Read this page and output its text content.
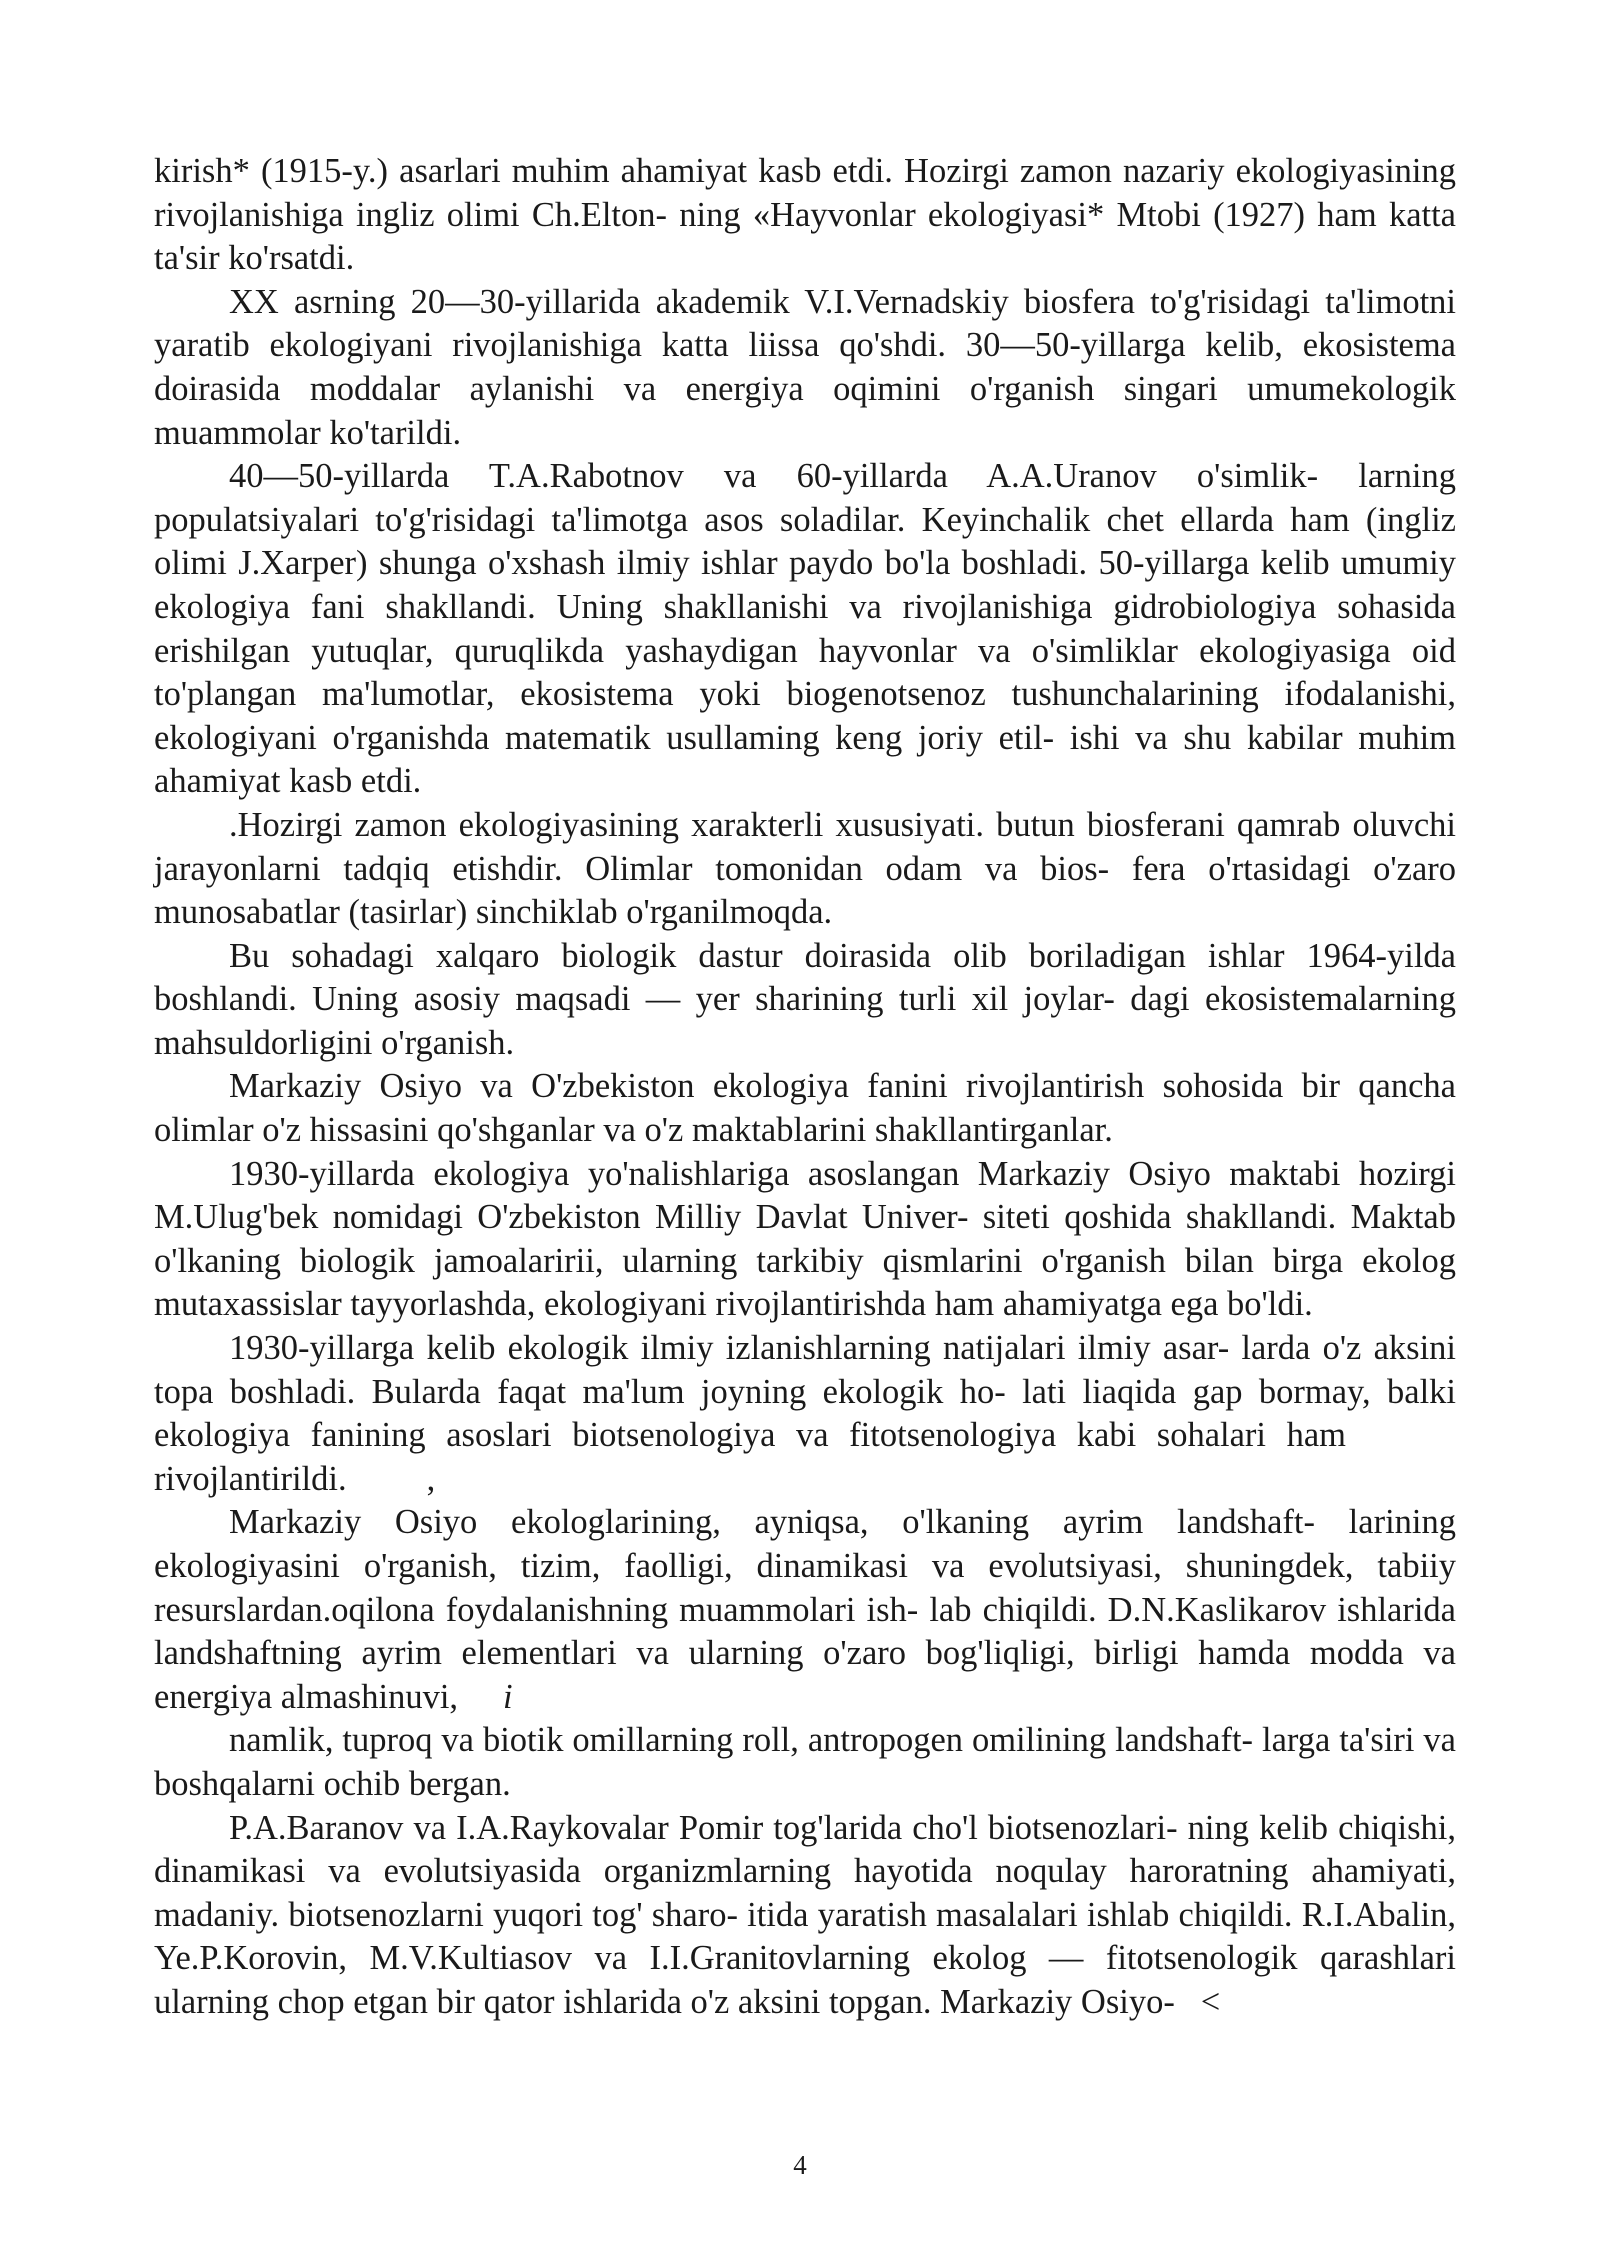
kirish* (1915-y.) asarlari muhim ahamiyat kasb etdi. Hozirgi zamon nazariy ekologiyasining rivojlanishiga ingliz olimi Ch.Elton- ning «Hayvonlar ekologiyasi* Mtobi (1927) ham katta ta'sir ko'rsatdi.

XX asrning 20—30-yillarida akademik V.I.Vernadskiy biosfera to'g'risidagi ta'limotni yaratib ekologiyani rivojlanishiga katta liissa qo'shdi. 30—50-yillarga kelib, ekosistema doirasida moddalar aylanishi va energiya oqimini o'rganish singari umumekologik muammolar ko'tarildi.

40—50-yillarda T.A.Rabotnov va 60-yillarda A.A.Uranov o'simlik- larning populatsiyalari to'g'risidagi ta'limotga asos soladilar. Keyinchalik chet ellarda ham (ingliz olimi J.Xarper) shunga o'xshash ilmiy ishlar paydo bo'la boshladi. 50-yillarga kelib umumiy ekologiya fani shakllandi. Uning shakllanishi va rivojlanishiga gidrobiologiya sohasida erishilgan yutuqlar, quruqlikda yashaydigan hayvonlar va o'simliklar ekologiyasiga oid to'plangan ma'lumotlar, ekosistema yoki biogenotsenoz tushunchalarining ifodalanishi, ekologiyani o'rganishda matematik usullaming keng joriy etil- ishi va shu kabilar muhim ahamiyat kasb etdi.

.Hozirgi zamon ekologiyasining xarakterli xususiyati. butun biosferani qamrab oluvchi jarayonlarni tadqiq etishdir. Olimlar tomonidan odam va bios- fera o'rtasidagi o'zaro munosabatlar (tasirlar) sinchiklab o'rganilmoqda.

Bu sohadagi xalqaro biologik dastur doirasida olib boriladigan ishlar 1964-yilda boshlandi. Uning asosiy maqsadi — yer sharining turli xil joylar- dagi ekosistemalarning mahsuldorligini o'rganish.

Markaziy Osiyo va O'zbekiston ekologiya fanini rivojlantirish sohosida bir qancha olimlar o'z hissasini qo'shganlar va o'z maktablarini shakllantirganlar.

1930-yillarda ekologiya yo'nalishlariga asoslangan Markaziy Osiyo maktabi hozirgi M.Ulug'bek nomidagi O'zbekiston Milliy Davlat Univer- siteti qoshida shakllandi. Maktab o'lkaning biologik jamoalaririi, ularning tarkibiy qismlarini o'rganish bilan birga ekolog mutaxassislar tayyorlashda, ekologiyani rivojlantirishda ham ahamiyatga ega bo'ldi.

1930-yillarga kelib ekologik ilmiy izlanishlarning natijalari ilmiy asar- larda o'z aksini topa boshladi. Bularda faqat ma'lum joyning ekologik ho- lati liaqida gap bormay, balki ekologiya fanining asoslari biotsenologiya va fitotsenologiya kabi sohalari hamrivojlantirildi. ,

Markaziy Osiyo ekologlarining, ayniqsa, o'lkaning ayrim landshaft- larining ekologiyasini o'rganish, tizim, faolligi, dinamikasi va evolutsiyasi, shuningdek, tabiiy resurslardan.oqilona foydalanishning muammolari ish- lab chiqildi. D.N.Kaslikarov ishlarida landshaftning ayrim elementlari va ularning o'zaro bog'liqligi, birligi hamda modda va energiya almashinuvi, i

namlik, tuproq va biotik omillarning roll, antropogen omilining landshaft- larga ta'siri va boshqalarni ochib bergan.

P.A.Baranov va I.A.Raykovalar Pomir tog'larida cho'l biotsenozlari- ning kelib chiqishi, dinamikasi va evolutsiyasida organizmlarning hayotida noqulay haroratning ahamiyati, madaniy. biotsenozlarni yuqori tog' sharo- itida yaratish masalalari ishlab chiqildi. R.I.Abalin, Ye.P.Korovin, M.V.Kultiasov va I.I.Granitovlarning ekolog — fitotsenologik qarashlari ularning chop etgan bir qator ishlarida o'z aksini topgan. Markaziy Osiyo- <

4
